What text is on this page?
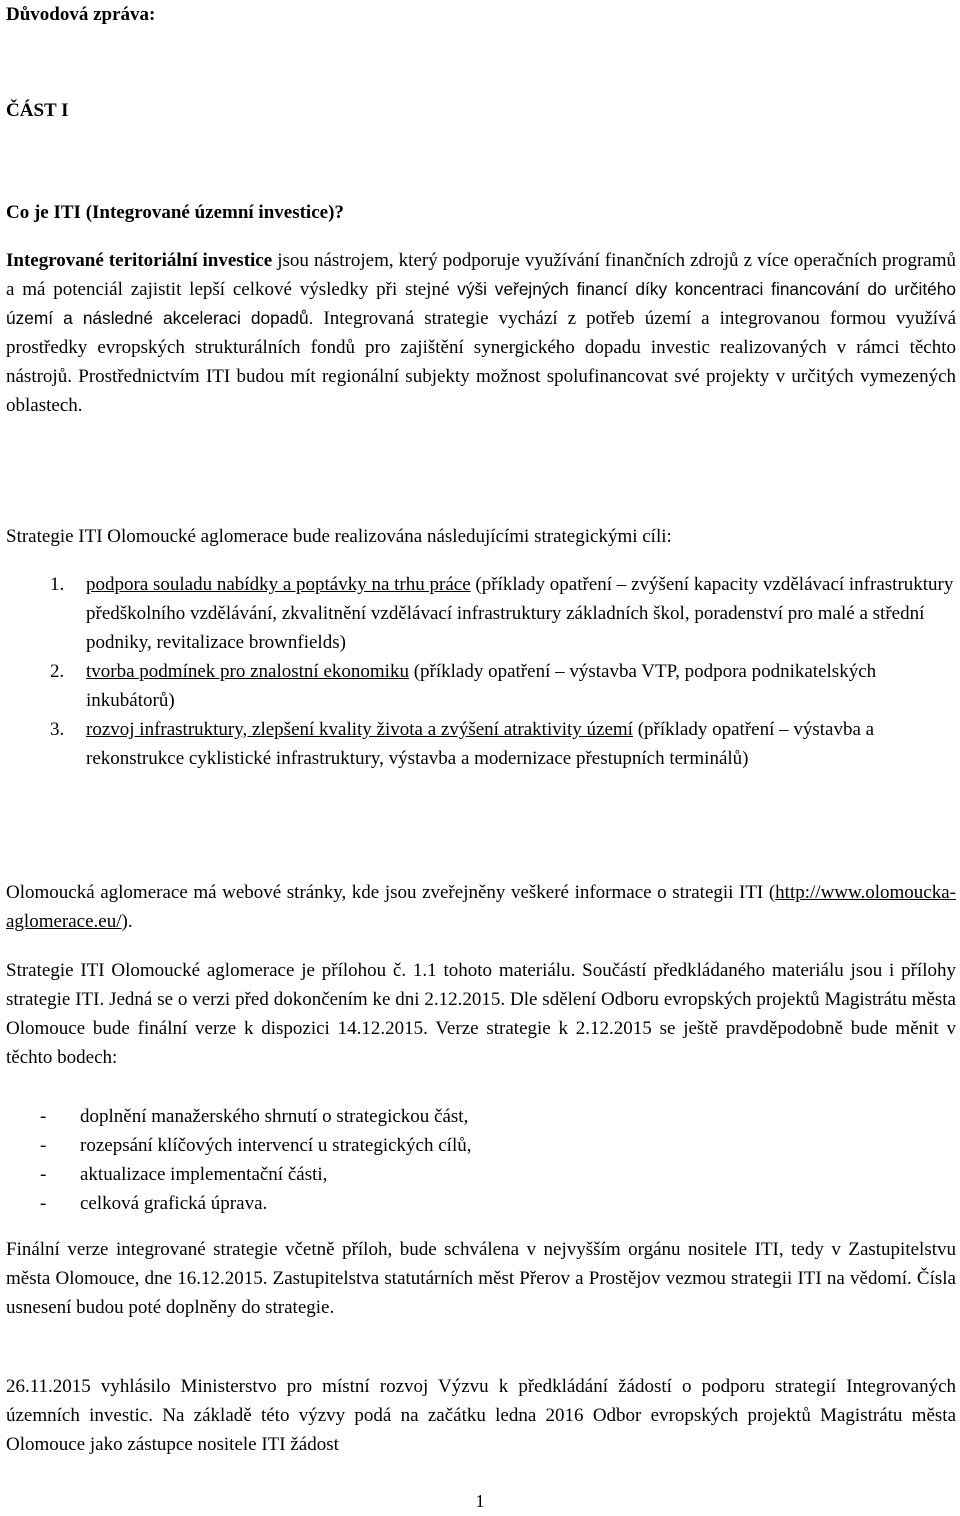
Důvodová zpráva:

ČÁST I

Co je ITI (Integrované územní investice)?

Integrované teritoriální investice jsou nástrojem, který podporuje využívání finančních zdrojů z více operačních programů a má potenciál zajistit lepší celkové výsledky při stejné výši veřejných financí díky koncentraci financování do určitého území a následné akceleraci dopadů. Integrovaná strategie vychází z potřeb území a integrovanou formou využívá prostředky evropských strukturálních fondů pro zajištění synergického dopadu investic realizovaných v rámci těchto nástrojů. Prostřednictvím ITI budou mít regionální subjekty možnost spolufinancovat své projekty v určitých vymezených oblastech.

Strategie ITI Olomoucké aglomerace bude realizována následujícími strategickými cíli:

1. podpora souladu nabídky a poptávky na trhu práce (příklady opatření – zvýšení kapacity vzdělávací infrastruktury předškolního vzdělávání, zkvalitnění vzdělávací infrastruktury základních škol, poradenství pro malé a střední podniky, revitalizace brownfields)
2. tvorba podmínek pro znalostní ekonomiku (příklady opatření – výstavba VTP, podpora podnikatelských inkubátorů)
3. rozvoj infrastruktury, zlepšení kvality života a zvýšení atraktivity území (příklady opatření – výstavba a rekonstrukce cyklistické infrastruktury, výstavba a modernizace přestupních terminálů)

Olomoucká aglomerace má webové stránky, kde jsou zveřejněny veškeré informace o strategii ITI (http://www.olomoucka-aglomerace.eu/).

Strategie ITI Olomoucké aglomerace je přílohou č. 1.1 tohoto materiálu. Součástí předkládaného materiálu jsou i přílohy strategie ITI. Jedná se o verzi před dokončením ke dni 2.12.2015. Dle sdělení Odboru evropských projektů Magistrátu města Olomouce bude finální verze k dispozici 14.12.2015. Verze strategie k 2.12.2015 se ještě pravděpodobně bude měnit v těchto bodech:

- doplnění manažerského shrnutí o strategickou část,
- rozepsání klíčových intervencí u strategických cílů,
- aktualizace implementační části,
- celková grafická úprava.

Finální verze integrované strategie včetně příloh, bude schválena v nejvyšším orgánu nositele ITI, tedy v Zastupitelstvu města Olomouce, dne 16.12.2015. Zastupitelstva statutárních měst Přerov a Prostějov vezmou strategii ITI na vědomí. Čísla usnesení budou poté doplněny do strategie.

26.11.2015 vyhlásilo Ministerstvo pro místní rozvoj Výzvu k předkládání žádostí o podporu strategií Integrovaných územních investic. Na základě této výzvy podá na začátku ledna 2016 Odbor evropských projektů Magistrátu města Olomouce jako zástupce nositele ITI žádost

1
